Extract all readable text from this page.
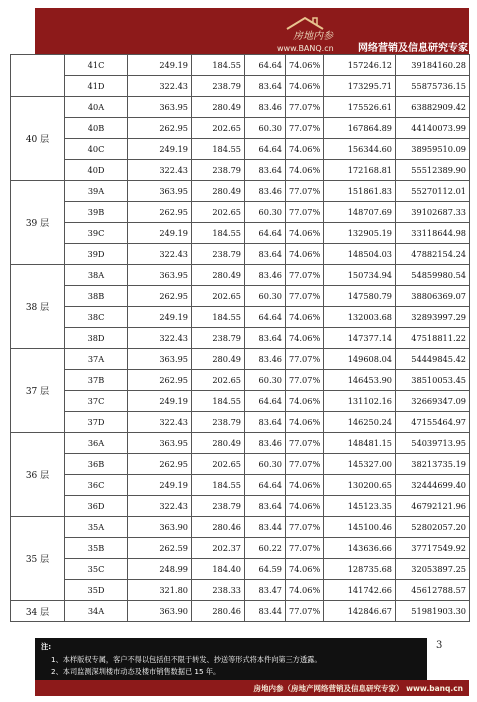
房地内参
www.BANQ.cn 网络营销及信息研究专家
	41C	249.19	184.55	64.64	74.06%	157246.12	39184160.28
	41D	322.43	238.79	83.64	74.06%	173295.71	55875736.15
40 层	40A	363.95	280.49	83.46	77.07%	175526.61	63882909.42
	40B	262.95	202.65	60.30	77.07%	167864.89	44140073.99
	40C	249.19	184.55	64.64	74.06%	156344.60	38959510.09
	40D	322.43	238.79	83.64	74.06%	172168.81	55512389.90
39 层	39A	363.95	280.49	83.46	77.07%	151861.83	55270112.01
	39B	262.95	202.65	60.30	77.07%	148707.69	39102687.33
	39C	249.19	184.55	64.64	74.06%	132905.19	33118644.98
	39D	322.43	238.79	83.64	74.06%	148504.03	47882154.24
38 层	38A	363.95	280.49	83.46	77.07%	150734.94	54859980.54
	38B	262.95	202.65	60.30	77.07%	147580.79	38806369.07
	38C	249.19	184.55	64.64	74.06%	132003.68	32893997.29
	38D	322.43	238.79	83.64	74.06%	147377.14	47518811.22
37 层	37A	363.95	280.49	83.46	77.07%	149608.04	54449845.42
	37B	262.95	202.65	60.30	77.07%	146453.90	38510053.45
	37C	249.19	184.55	64.64	74.06%	131102.16	32669347.09
	37D	322.43	238.79	83.64	74.06%	146250.24	47155464.97
36 层	36A	363.95	280.49	83.46	77.07%	148481.15	54039713.95
	36B	262.95	202.65	60.30	77.07%	145327.00	38213735.19
	36C	249.19	184.55	64.64	74.06%	130200.65	32444699.40
	36D	322.43	238.79	83.64	74.06%	145123.35	46792121.96
35 层	35A	363.90	280.46	83.44	77.07%	145100.46	52802057.20
	35B	262.59	202.37	60.22	77.07%	143636.66	37717549.92
	35C	248.99	184.40	64.59	74.06%	128735.68	32053897.25
	35D	321.80	238.33	83.47	74.06%	141742.66	45612788.57
34 层	34A	363.90	280.46	83.44	77.07%	142846.67	51981903.30
注:
1、本样版权专属，客户不得以包括但不限于转发、抄送等形式将本件向第三方透露。
2、本司监测深圳楼市动态及楼市销售数据已 15 年。
3
房地内参（房地产网络营销及信息研究专家） www.banq.cn
